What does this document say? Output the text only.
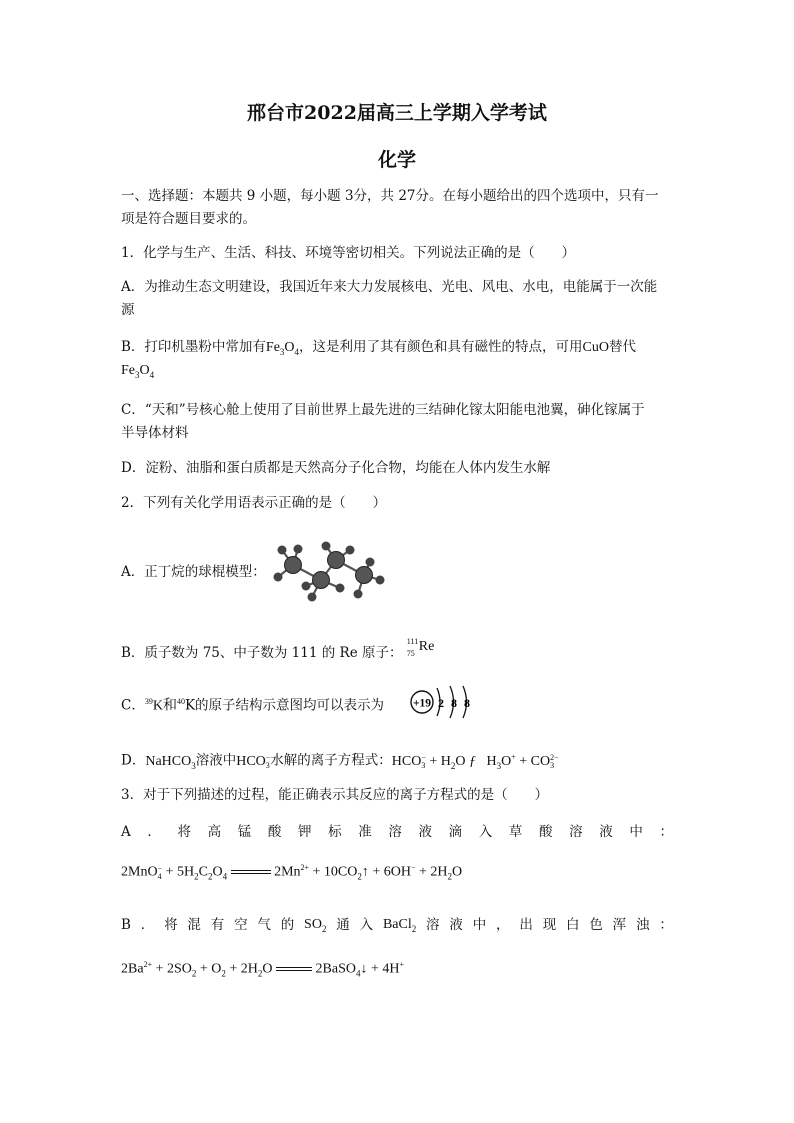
邢台市2022届高三上学期入学考试
化学
一、选择题：本题共 9 小题，每小题 3分，共 27分。在每小题给出的四个选项中，只有一
项是符合题目要求的。
1．化学与生产、生活、科技、环境等密切相关。下列说法正确的是（　　）
A．为推动生态文明建设，我国近年来大力发展核电、光电、风电、水电，电能属于一次能
源
B．打印机墨粉中常加有$Fe_3O_4$，这是利用了其有颜色和具有磁性的特点，可用CuO替代
$Fe_3O_4$
C．“天和”号核心舱上使用了目前世界上最先进的三结砷化镓太阳能电池翼，砷化镓属于
半导体材料
D．淀粉、油脂和蛋白质都是天然高分子化合物，均能在人体内发生水解
2．下列有关化学用语表示正确的是（　　）
A．正丁烷的球棍模型：
B．质子数为 75、中子数为 111 的 Re 原子：
111
75 Re
C．$^{39}$K和$^{40}$K的原子结构示意图均可以表示为	+19 2 8 8
D．NaHCO$_3$溶液中HCO −
3 水解的离子方程式：HCO −
$3 + H_2O$ ƒ   $H_3O^+$ + CO 2−
3
3．对于下列描述的过程，能正确表示其反应的离子方程式的是（　　）
A ． 将 高 锰 酸 钾 标 准 溶 液 滴 入 草 酸 溶 液 中 ：
2MnO −
$4 + 5H_2C_2O_4$	$2Mn^{2+}$ + $10CO_2↑ + 6OH^- + 2H_2O$
B ． 将 混 有 空 气 的 $SO_2$ 通 入 BaCl$_2$ 溶 液 中 ， 出 现 白 色 浑 浊 ：
$2Ba^{2+} + 2SO_2 + O_2 + 2H_2O$	2BaSO$_4$↓ + 4H+
